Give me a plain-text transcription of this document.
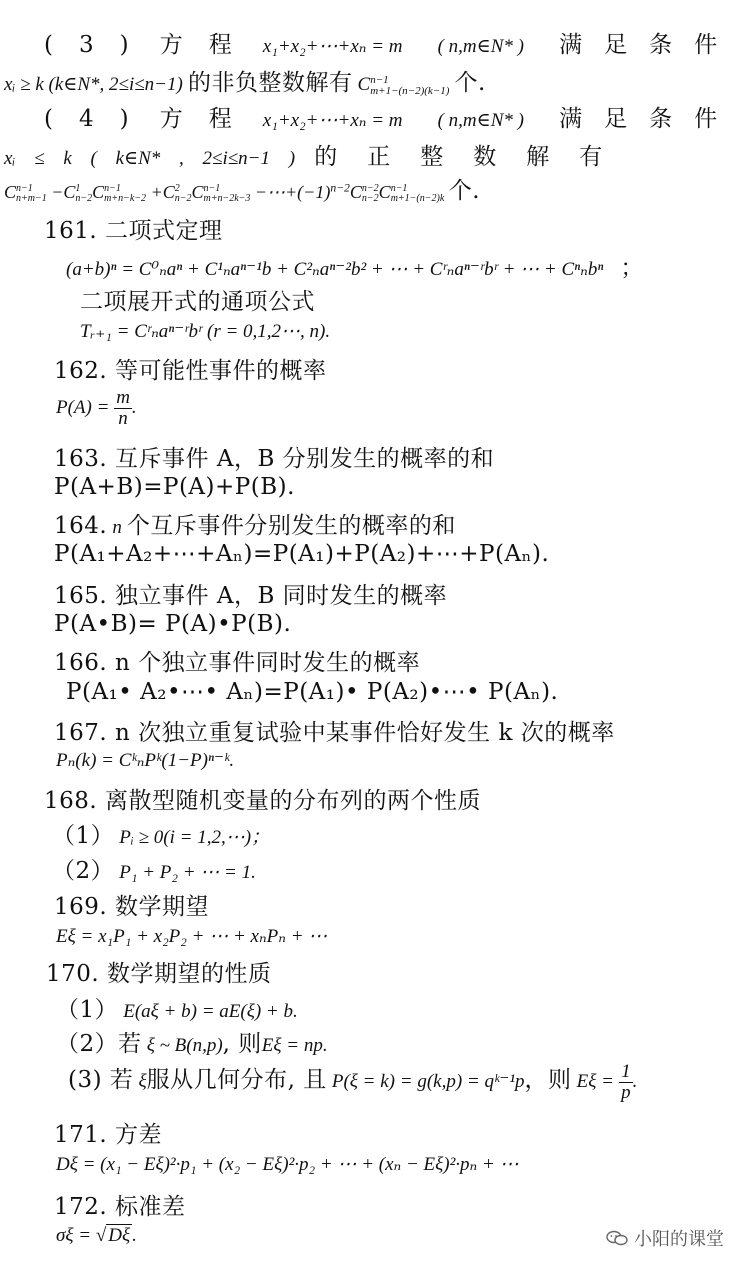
(3) 方程 x₁+x₂+⋯+xₙ = m ( n,m∈N* ) 满足条件
xᵢ ≥ k (k∈N*, 2≤i≤n−1) 的非负整数解有 C n−1
m+1−(n−2)(k−1) 个.
(4) 方程 x₁+x₂+⋯+xₙ = m ( n,m∈N* ) 满足条件
xᵢ ≤ k ( k∈N* , 2≤i≤n−1 ) 的正整数解有
C n−1
n+m−1 −C 1
n−2 C n−1
m+n−k−2 +C 2
n−2 C n−1
$m+n-2k-3 -\cdots+(-1)^{n-2}C$ n−2
n−2 C n−1
m+1−(n−2)k 个.
161. 二项式定理
(a+b)ⁿ = C⁰ₙaⁿ + C¹ₙaⁿ⁻¹b + C²ₙaⁿ⁻²b² + ⋯ + Cʳₙaⁿ⁻ʳbʳ + ⋯ + Cⁿₙbⁿ ；
二项展开式的通项公式
Tᵣ₊₁ = Cʳₙaⁿ⁻ʳbʳ (r = 0,1,2⋯, n).
162. 等可能性事件的概率
$P(A) = \frac{m}{n}$ .
163. 互斥事件 A，B 分别发生的概率的和
P(A+B)=P(A)+P(B).
164. n 个互斥事件分别发生的概率的和
P(A₁+A₂+⋯+Aₙ)=P(A₁)+P(A₂)+⋯+P(Aₙ).
165. 独立事件 A，B 同时发生的概率
P(A•B)= P(A)•P(B).
166. n 个独立事件同时发生的概率
P(A₁• A₂•⋯• Aₙ)=P(A₁)• P(A₂)•⋯• P(Aₙ).
167. n 次独立重复试验中某事件恰好发生 k 次的概率
Pₙ(k) = CᵏₙPᵏ(1−P)ⁿ⁻ᵏ.
168. 离散型随机变量的分布列的两个性质
（1） Pᵢ ≥ 0(i = 1,2,⋯)；
（2） P₁ + P₂ + ⋯ = 1.
169. 数学期望
Eξ = x₁P₁ + x₂P₂ + ⋯ + xₙPₙ + ⋯
170. 数学期望的性质
（1） E(aξ + b) = aE(ξ) + b.
（2）若 ξ ~ B(n,p), 则Eξ = np.
(3) 若 ξ服从几何分布, 且 P(ξ = k) = g(k,p) = qᵏ⁻¹p，则 $E\xi = \frac{1}{p}$ .
171. 方差
Dξ = (x₁ − Eξ)²·p₁ + (x₂ − Eξ)²·p₂ + ⋯ + (xₙ − Eξ)²·pₙ + ⋯
172. 标准差
σξ = √ Dξ .	小阳的课堂
